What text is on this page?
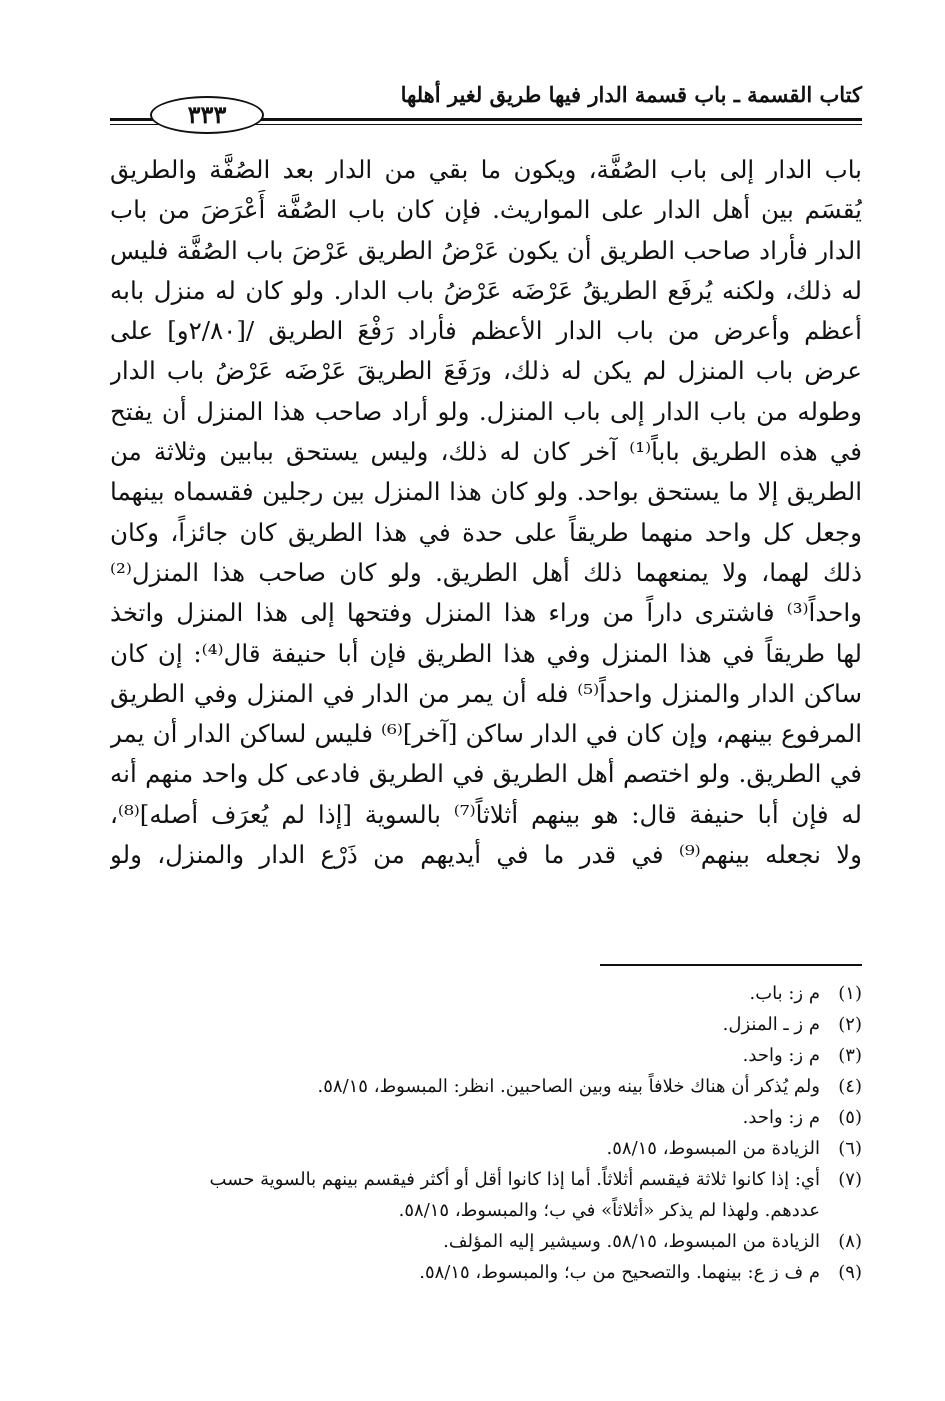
كتاب القسمة ـ باب قسمة الدار فيها طريق لغير أهلها
٣٣٣
باب الدار إلى باب الصُفَّة، ويكون ما بقي من الدار بعد الصُفَّة والطريق
يُقسَم بين أهل الدار على المواريث. فإن كان باب الصُفَّة أَعْرَضَ من باب
الدار فأراد صاحب الطريق أن يكون عَرْضُ الطريق عَرْضَ باب الصُفَّة فليس
له ذلك، ولكنه يُرفَع الطريقُ عَرْضَه عَرْضُ باب الدار. ولو كان له منزل بابه
أعظم وأعرض من باب الدار الأعظم فأراد رَفْعَ الطريق /[٢/٨٠و] على
عرض باب المنزل لم يكن له ذلك، ورَفَعَ الطريقَ عَرْضَه عَرْضُ باب الدار
وطوله من باب الدار إلى باب المنزل. ولو أراد صاحب هذا المنزل أن يفتح
في هذه الطريق باباً⁽¹⁾ آخر كان له ذلك، وليس يستحق ببابين وثلاثة من
الطريق إلا ما يستحق بواحد. ولو كان هذا المنزل بين رجلين فقسماه بينهما
وجعل كل واحد منهما طريقاً على حدة في هذا الطريق كان جائزاً، وكان
ذلك لهما، ولا يمنعهما ذلك أهل الطريق. ولو كان صاحب هذا المنزل⁽²⁾
واحداً⁽³⁾ فاشترى داراً من وراء هذا المنزل وفتحها إلى هذا المنزل واتخذ
لها طريقاً في هذا المنزل وفي هذا الطريق فإن أبا حنيفة قال⁽⁴⁾: إن كان
ساكن الدار والمنزل واحداً⁽⁵⁾ فله أن يمر من الدار في المنزل وفي الطريق
المرفوع بينهم، وإن كان في الدار ساكن [آخر]⁽⁶⁾ فليس لساكن الدار أن يمر
في الطريق. ولو اختصم أهل الطريق في الطريق فادعى كل واحد منهم أنه
له فإن أبا حنيفة قال: هو بينهم أثلاثاً⁽⁷⁾ بالسوية [إذا لم يُعرَف أصله]⁽⁸⁾،
ولا نجعله بينهم⁽⁹⁾ في قدر ما في أيديهم من ذَرْع الدار والمنزل، ولو
(١)
م ز: باب.
(٢)
م ز ـ المنزل.
(٣)
م ز: واحد.
(٤)
ولم يُذكر أن هناك خلافاً بينه وبين الصاحبين. انظر: المبسوط، ٥٨/١٥.
(٥)
م ز: واحد.
(٦)
الزيادة من المبسوط، ٥٨/١٥.
(٧)
أي: إذا كانوا ثلاثة فيقسم أثلاثاً. أما إذا كانوا أقل أو أكثر فيقسم بينهم بالسوية حسب
عددهم. ولهذا لم يذكر «أثلاثاً» في ب؛ والمبسوط، ٥٨/١٥.
(٨)
الزيادة من المبسوط، ٥٨/١٥. وسيشير إليه المؤلف.
(٩)
م ف ز ع: بينهما. والتصحيح من ب؛ والمبسوط، ٥٨/١٥.
